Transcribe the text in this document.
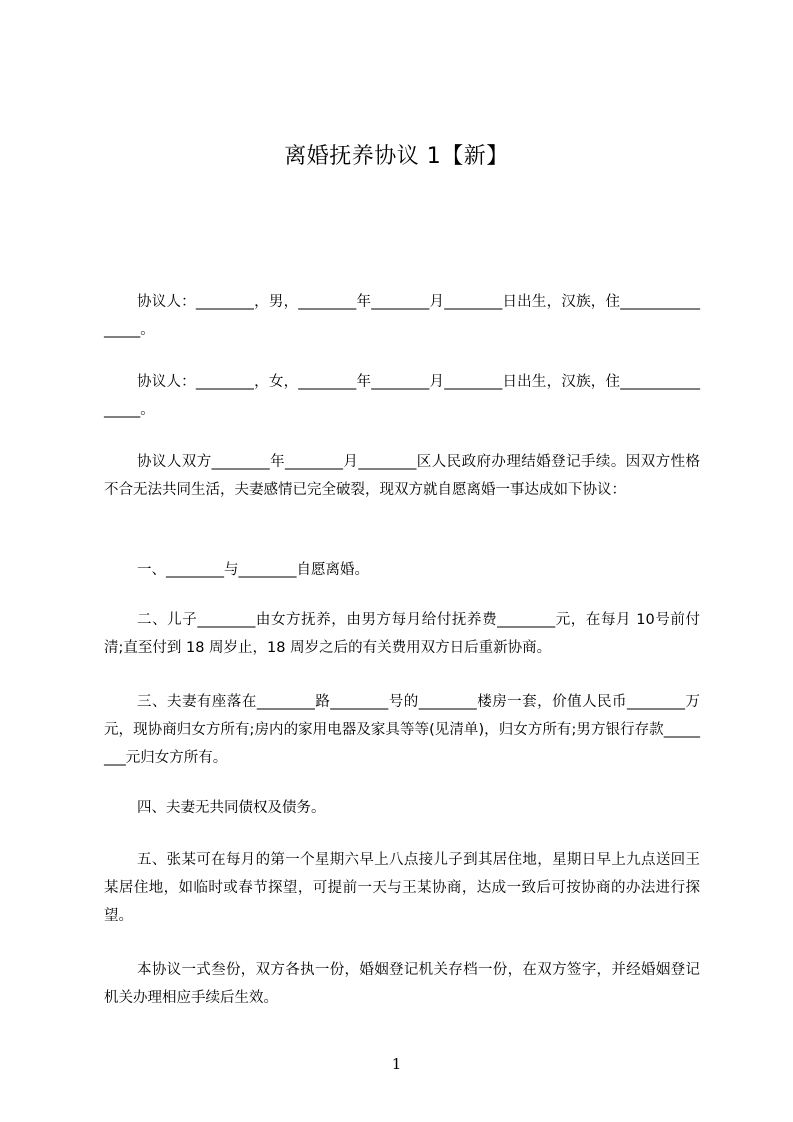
离婚抚养协议 1【新】

协议人：________，男，________年________月________日出生，汉族，住________________。

协议人：________，女，________年________月________日出生，汉族，住________________。

协议人双方________年________月________区人民政府办理结婚登记手续。因双方性格不合无法共同生活，夫妻感情已完全破裂，现双方就自愿离婚一事达成如下协议：

一、________与________自愿离婚。

二、儿子________由女方抚养，由男方每月给付抚养费________元，在每月 10号前付清;直至付到 18 周岁止，18 周岁之后的有关费用双方日后重新协商。

三、夫妻有座落在________路________号的________楼房一套，价值人民币________万元，现协商归女方所有;房内的家用电器及家具等等(见清单)，归女方所有;男方银行存款________元归女方所有。

四、夫妻无共同债权及债务。

五、张某可在每月的第一个星期六早上八点接儿子到其居住地，星期日早上九点送回王某居住地，如临时或春节探望，可提前一天与王某协商，达成一致后可按协商的办法进行探望。

本协议一式叁份，双方各执一份，婚姻登记机关存档一份，在双方签字，并经婚姻登记机关办理相应手续后生效。

1
